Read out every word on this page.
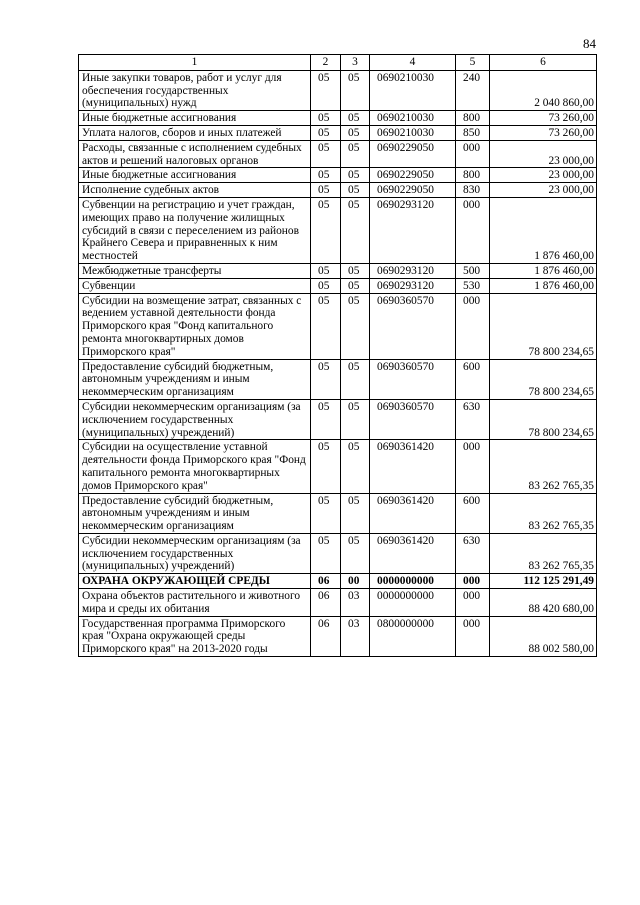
84
1	2	3	4	5	6
Иные закупки товаров, работ и услуг для обеспечения государственных (муниципальных) нужд	05	05	0690210030	240	2 040 860,00
Иные бюджетные ассигнования	05	05	0690210030	800	73 260,00
Уплата налогов, сборов и иных платежей	05	05	0690210030	850	73 260,00
Расходы, связанные с исполнением судебных актов и решений налоговых органов	05	05	0690229050	000	23 000,00
Иные бюджетные ассигнования	05	05	0690229050	800	23 000,00
Исполнение судебных актов	05	05	0690229050	830	23 000,00
Субвенции на регистрацию и учет граждан, имеющих право на получение жилищных субсидий в связи с переселением из районов Крайнего Севера и приравненных к ним местностей	05	05	0690293120	000	1 876 460,00
Межбюджетные трансферты	05	05	0690293120	500	1 876 460,00
Субвенции	05	05	0690293120	530	1 876 460,00
Субсидии на возмещение затрат, связанных с ведением уставной деятельности фонда Приморского края "Фонд капитального ремонта многоквартирных домов Приморского края"	05	05	0690360570	000	78 800 234,65
Предоставление субсидий бюджетным, автономным учреждениям и иным некоммерческим организациям	05	05	0690360570	600	78 800 234,65
Субсидии некоммерческим организациям (за исключением государственных (муниципальных) учреждений)	05	05	0690360570	630	78 800 234,65
Субсидии на осуществление уставной деятельности фонда Приморского края "Фонд капитального ремонта многоквартирных домов Приморского края"	05	05	0690361420	000	83 262 765,35
Предоставление субсидий бюджетным, автономным учреждениям и иным некоммерческим организациям	05	05	0690361420	600	83 262 765,35
Субсидии некоммерческим организациям (за исключением государственных (муниципальных) учреждений)	05	05	0690361420	630	83 262 765,35
ОХРАНА ОКРУЖАЮЩЕЙ СРЕДЫ	06	00	0000000000	000	112 125 291,49
Охрана объектов растительного и животного мира и среды их обитания	06	03	0000000000	000	88 420 680,00
Государственная программа Приморского края "Охрана окружающей среды Приморского края" на 2013-2020 годы	06	03	0800000000	000	88 002 580,00
